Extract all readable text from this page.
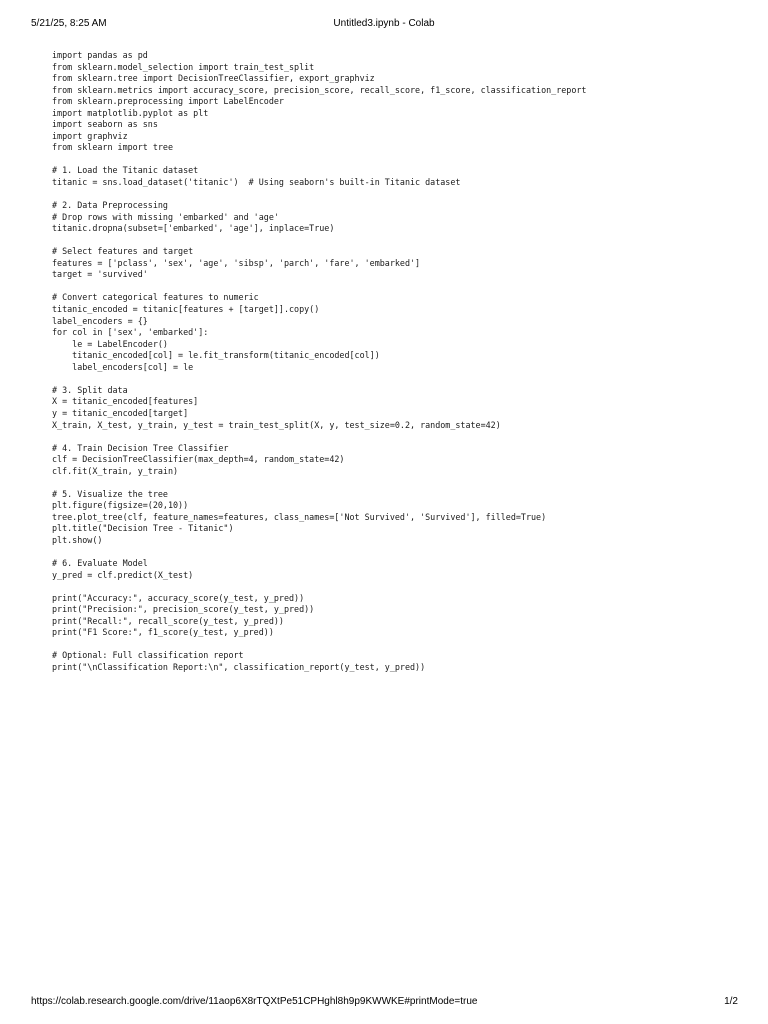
5/21/25, 8:25 AM	Untitled3.ipynb - Colab
import pandas as pd
from sklearn.model_selection import train_test_split
from sklearn.tree import DecisionTreeClassifier, export_graphviz
from sklearn.metrics import accuracy_score, precision_score, recall_score, f1_score, classification_report
from sklearn.preprocessing import LabelEncoder
import matplotlib.pyplot as plt
import seaborn as sns
import graphviz
from sklearn import tree
# 1. Load the Titanic dataset
titanic = sns.load_dataset('titanic')  # Using seaborn's built-in Titanic dataset
# 2. Data Preprocessing
# Drop rows with missing 'embarked' and 'age'
titanic.dropna(subset=['embarked', 'age'], inplace=True)
# Select features and target
features = ['pclass', 'sex', 'age', 'sibsp', 'parch', 'fare', 'embarked']
target = 'survived'
# Convert categorical features to numeric
titanic_encoded = titanic[features + [target]].copy()
label_encoders = {}
for col in ['sex', 'embarked']:
le = LabelEncoder()
titanic_encoded[col] = le.fit_transform(titanic_encoded[col])
label_encoders[col] = le
# 3. Split data
X = titanic_encoded[features]
y = titanic_encoded[target]
X_train, X_test, y_train, y_test = train_test_split(X, y, test_size=0.2, random_state=42)
# 4. Train Decision Tree Classifier
clf = DecisionTreeClassifier(max_depth=4, random_state=42)
clf.fit(X_train, y_train)
# 5. Visualize the tree
plt.figure(figsize=(20,10))
tree.plot_tree(clf, feature_names=features, class_names=['Not Survived', 'Survived'], filled=True)
plt.title("Decision Tree - Titanic")
plt.show()
# 6. Evaluate Model
y_pred = clf.predict(X_test)
print("Accuracy:", accuracy_score(y_test, y_pred))
print("Precision:", precision_score(y_test, y_pred))
print("Recall:", recall_score(y_test, y_pred))
print("F1 Score:", f1_score(y_test, y_pred))
# Optional: Full classification report
print("\nClassification Report:\n", classification_report(y_test, y_pred))
https://colab.research.google.com/drive/11aop6X8rTQXtPe51CPHghl8h9p9KWWKE#printMode=true	1/2
